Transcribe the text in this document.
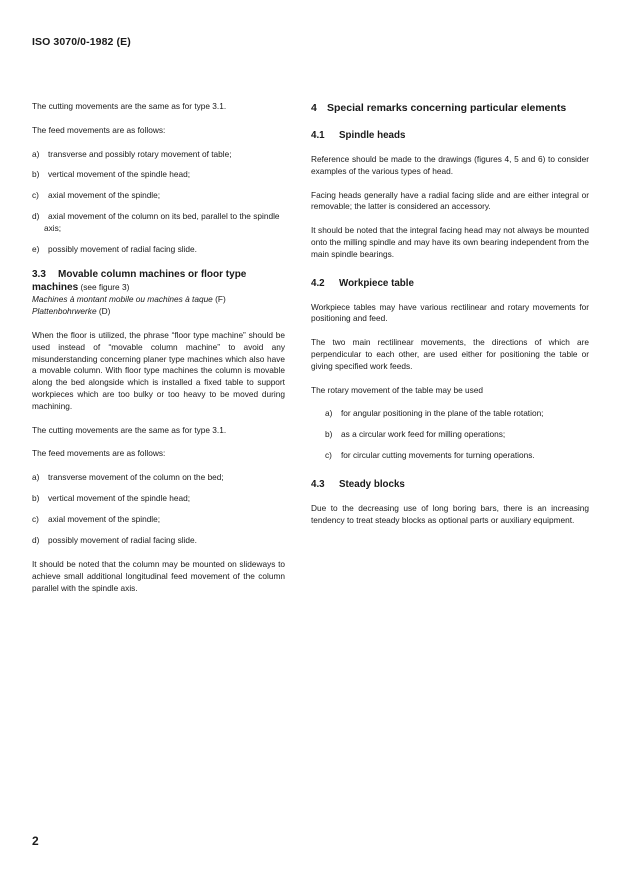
ISO 3070/0-1982 (E)

The cutting movements are the same as for type 3.1.

The feed movements are as follows:

a) transverse and possibly rotary movement of table;
b) vertical movement of the spindle head;
c) axial movement of the spindle;
d) axial movement of the column on its bed, parallel to the spindle axis;
e) possibly movement of radial facing slide.
3.3 Movable column machines or floor type
machines (see figure 3)
Machines à montant mobile ou machines à taque (F)
Plattenbohrwerke (D)

When the floor is utilized, the phrase “floor type machine” should be used instead of “movable column machine” to avoid any misunderstanding concerning planer type machines which also have a movable column. With floor type machines the column is movable along the bed alongside which is installed a fixed table to support workpieces which are too bulky or too heavy to be moved during machining.

The cutting movements are the same as for type 3.1.

The feed movements are as follows:

a) transverse movement of the column on the bed;
b) vertical movement of the spindle head;
c) axial movement of the spindle;
d) possibly movement of radial facing slide.

It should be noted that the column may be mounted on slideways to achieve small additional longitudinal feed movement of the column parallel with the spindle axis.

4 Special remarks concerning particular elements
4.1 Spindle heads

Reference should be made to the drawings (figures 4, 5 and 6) to consider examples of the various types of head.

Facing heads generally have a radial facing slide and are either integral or removable; the latter is considered an accessory.

It should be noted that the integral facing head may not always be mounted onto the milling spindle and may have its own bearing independent from the main spindle bearings.

4.2 Workpiece table

Workpiece tables may have various rectilinear and rotary movements for positioning and feed.

The two main rectilinear movements, the directions of which are perpendicular to each other, are used either for positioning the table or giving specified work feeds.

The rotary movement of the table may be used

a) for angular positioning in the plane of the table rotation;
b) as a circular work feed for milling operations;
c) for circular cutting movements for turning operations.
4.3 Steady blocks

Due to the decreasing use of long boring bars, there is an increasing tendency to treat steady blocks as optional parts or auxiliary equipment.

2
